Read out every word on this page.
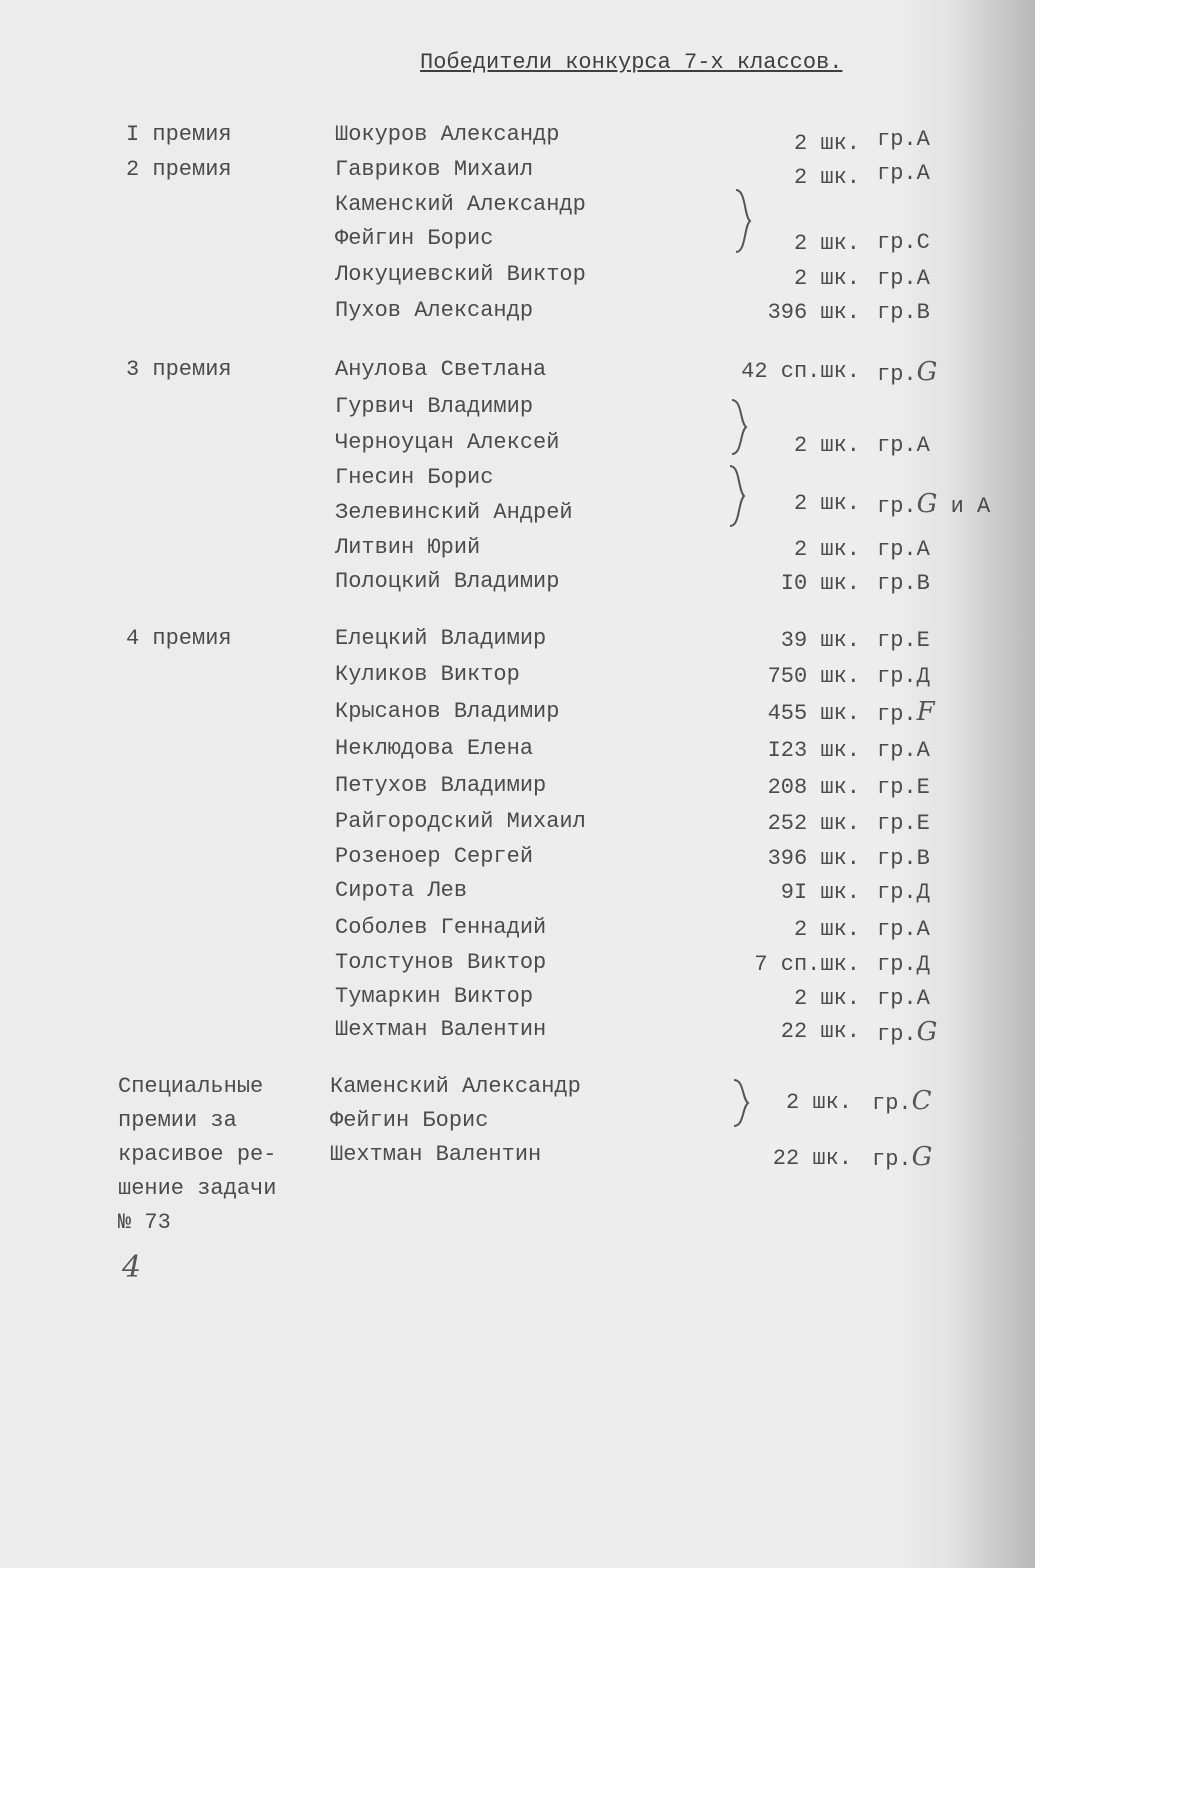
Победители конкурса 7-х классов.
I премия
2 премия
3 премия
4 премия
Специальные
премии за
красивое ре-
шение задачи
№ 73
Шокуров Александр
Гавриков Михаил
Каменский Александр
Фейгин Борис
Локуциевский Виктор
Пухов Александр
Анулова Светлана
Гурвич Владимир
Черноуцан Алексей
Гнесин Борис
Зелевинский Андрей
Литвин Юрий
Полоцкий Владимир
Елецкий Владимир
Куликов Виктор
Крысанов Владимир
Неклюдова Елена
Петухов Владимир
Райгородский Михаил
Розеноер Сергей
Сирота Лев
Соболев Геннадий
Толстунов Виктор
Тумаркин Виктор
Шехтман Валентин
Каменский Александр
Фейгин Борис
Шехтман Валентин
2 шк.
2 шк.
2 шк.
2 шк.
396 шк.
42 сп.шк.
2 шк.
2 шк.
2 шк.
I0 шк.
39 шк.
750 шк.
455 шк.
I23 шк.
208 шк.
252 шк.
396 шк.
9I шк.
2 шк.
7 сп.шк.
2 шк.
22 шк.
2 шк.
22 шк.
гр.А
гр.А
гр.С
гр.А
гр.В
гр.G
гр.А
гр.G и А
гр.А
гр.В
гр.Е
гр.Д
гр.F
гр.А
гр.Е
гр.Е
гр.В
гр.Д
гр.А
гр.Д
гр.А
гр.G
гр.C
гр.G
4
